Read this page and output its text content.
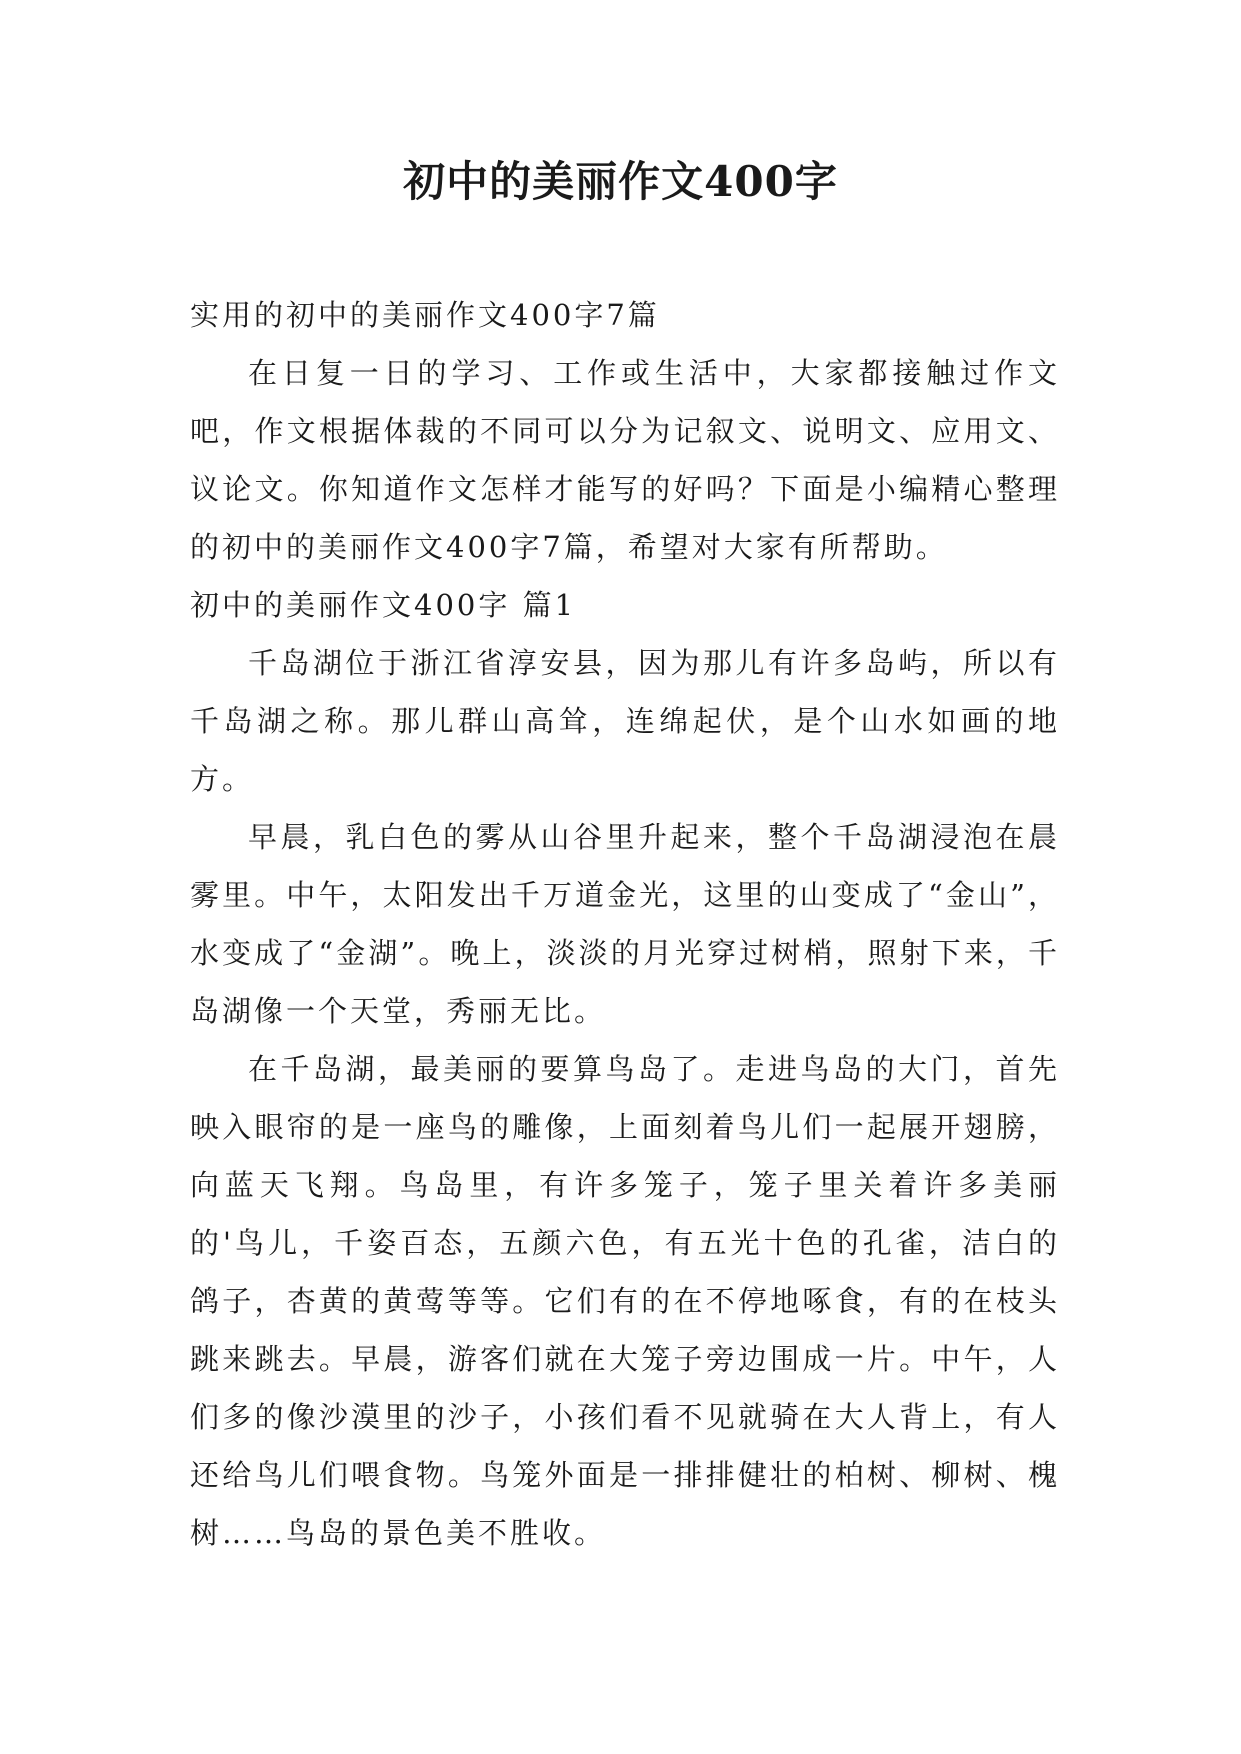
初中的美丽作文400字

实用的初中的美丽作文400字7篇

在日复一日的学习、工作或生活中，大家都接触过作文吧，作文根据体裁的不同可以分为记叙文、说明文、应用文、议论文。你知道作文怎样才能写的好吗？下面是小编精心整理的初中的美丽作文400字7篇，希望对大家有所帮助。

初中的美丽作文400字 篇1

千岛湖位于浙江省淳安县，因为那儿有许多岛屿，所以有千岛湖之称。那儿群山高耸，连绵起伏，是个山水如画的地方。

早晨，乳白色的雾从山谷里升起来，整个千岛湖浸泡在晨雾里。中午，太阳发出千万道金光，这里的山变成了“金山”，水变成了“金湖”。晚上，淡淡的月光穿过树梢，照射下来，千岛湖像一个天堂，秀丽无比。

在千岛湖，最美丽的要算鸟岛了。走进鸟岛的大门，首先映入眼帘的是一座鸟的雕像，上面刻着鸟儿们一起展开翅膀，向蓝天飞翔。鸟岛里，有许多笼子，笼子里关着许多美丽的'鸟儿，千姿百态，五颜六色，有五光十色的孔雀，洁白的鸽子，杏黄的黄莺等等。它们有的在不停地啄食，有的在枝头跳来跳去。早晨，游客们就在大笼子旁边围成一片。中午，人们多的像沙漠里的沙子，小孩们看不见就骑在大人背上，有人还给鸟儿们喂食物。鸟笼外面是一排排健壮的柏树、柳树、槐树……鸟岛的景色美不胜收。
